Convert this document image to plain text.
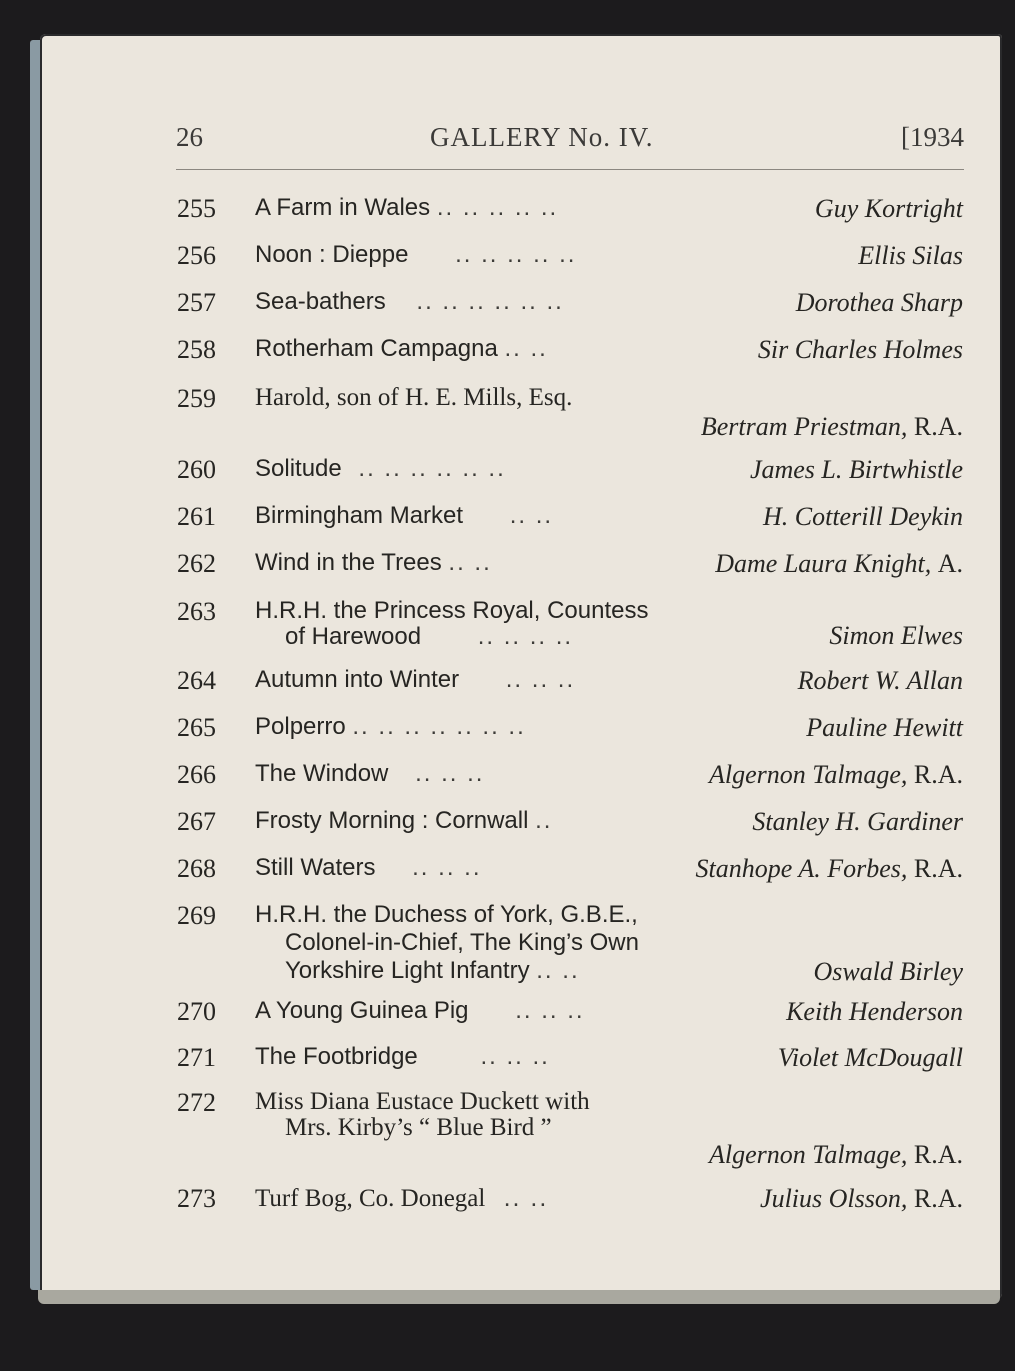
26	GALLERY No. IV.	[1934
255 A Farm in Wales .. .. .. .. ..	Guy Kortright
256 Noon : Dieppe .. .. .. .. ..	Ellis Silas
257 Sea-bathers .. .. .. .. .. ..	Dorothea Sharp
258 Rotherham Campagna .. ..	Sir Charles Holmes
259 Harold, son of H. E. Mills, Esq.
Bertram Priestman, R.A.
260 Solitude .. .. .. .. .. ..	James L. Birtwhistle
261 Birmingham Market .. ..	H. Cotterill Deykin
262 Wind in the Trees .. ..	Dame Laura Knight, A.
263 H.R.H. the Princess Royal, Countess
of Harewood .. .. .. ..	Simon Elwes
264 Autumn into Winter .. .. ..	Robert W. Allan
265 Polperro .. .. .. .. .. .. ..	Pauline Hewitt
266 The Window .. .. ..	Algernon Talmage, R.A.
267 Frosty Morning : Cornwall ..	Stanley H. Gardiner
268 Still Waters .. .. ..	Stanhope A. Forbes, R.A.
269 H.R.H. the Duchess of York, G.B.E.,
Colonel-in-Chief, The King’s Own
Yorkshire Light Infantry .. ..	Oswald Birley
270 A Young Guinea Pig .. .. ..	Keith Henderson
271 The Footbridge	.. .. ..	Violet McDougall
272 Miss Diana Eustace Duckett with
Mrs. Kirby’s “ Blue Bird ”
Algernon Talmage, R.A.
273 Turf Bog, Co. Donegal .. ..	Julius Olsson, R.A.
